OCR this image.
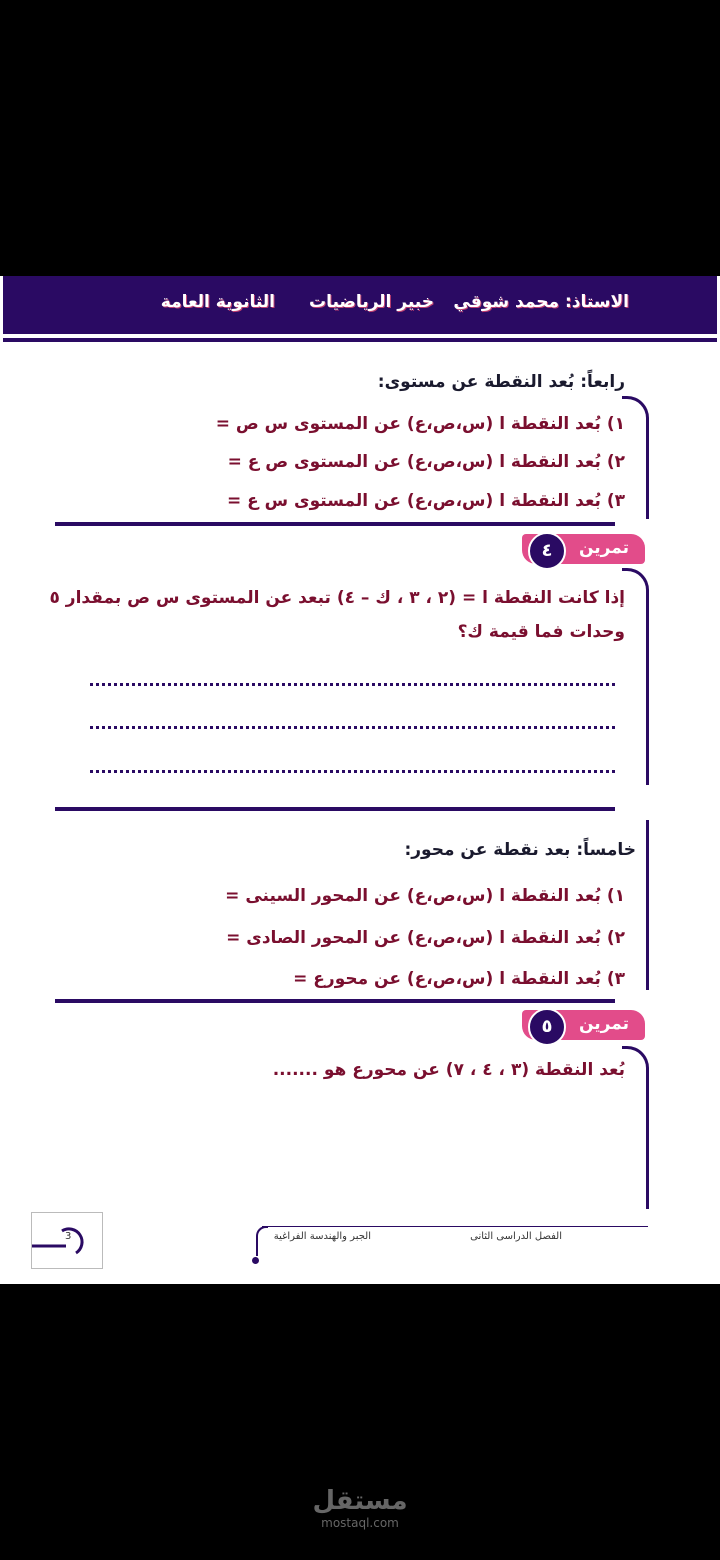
الاستاذ: محمد شوقي
خبير الرياضيات
الثانوية العامة
رابعاً: بُعد النقطة عن مستوى:
١) بُعد النقطة ا (س،ص،ع) عن المستوى س ص =
٢) بُعد النقطة ا (س،ص،ع) عن المستوى ص ع =
٣) بُعد النقطة ا (س،ص،ع) عن المستوى س ع =
تمرين
٤
إذا كانت النقطة ا = (٢ ، ٣ ، ك – ٤) تبعد عن المستوى س ص بمقدار ٥
وحدات فما قيمة ك؟
خامساً: بعد نقطة عن محور:
١) بُعد النقطة ا (س،ص،ع) عن المحور السينى =
٢) بُعد النقطة ا (س،ص،ع) عن المحور الصادى =
٣) بُعد النقطة ا (س،ص،ع) عن محورع =
تمرين
٥
بُعد النقطة (٣ ، ٤ ، ٧) عن محورع هو .......
الفصل الدراسى الثانى
الجبر والهندسة الفراغية
3
مستقل
mostaql.com
